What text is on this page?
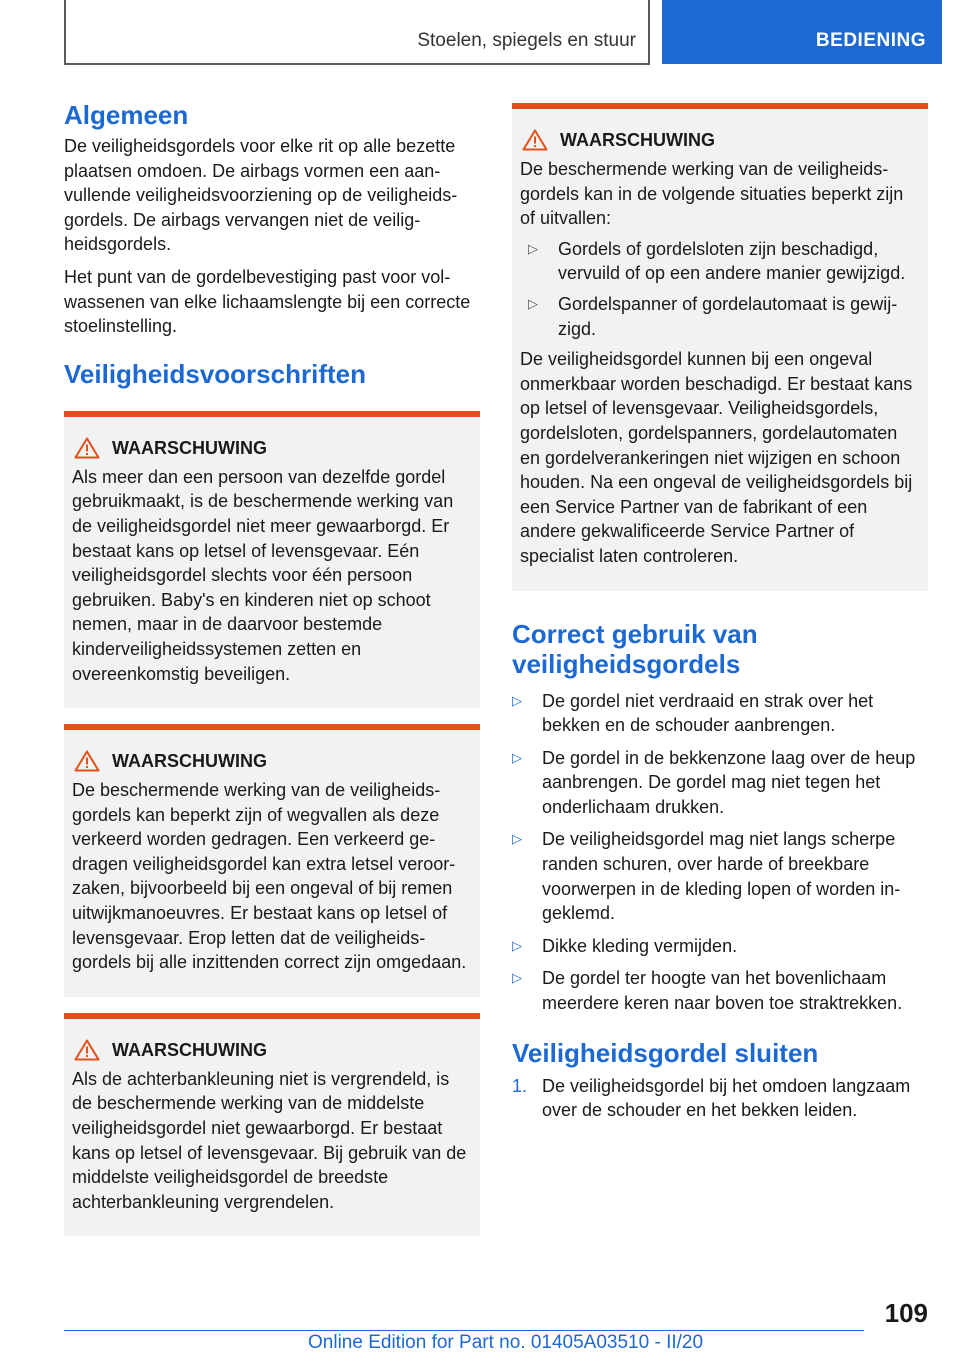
Stoelen, spiegels en stuur	BEDIENING
Algemeen
De veiligheidsgordels voor elke rit op alle bezette plaatsen omdoen. De airbags vormen een aanvullende veiligheidsvoorziening op de veiligheidsgordels. De airbags vervangen niet de veiligheidsgordels.
Het punt van de gordelbevestiging past voor volwassenen van elke lichaamslengte bij een correcte stoelinstelling.
Veiligheidsvoorschriften
WAARSCHUWING
Als meer dan een persoon van dezelfde gordel gebruikmaakt, is de beschermende werking van de veiligheidsgordel niet meer gewaarborgd. Er bestaat kans op letsel of levensgevaar. Eén veiligheidsgordel slechts voor één persoon gebruiken. Baby's en kinderen niet op schoot nemen, maar in de daarvoor bestemde kinderveiligheidssystemen zetten en overeenkomstig beveiligen.
WAARSCHUWING
De beschermende werking van de veiligheidsgordels kan beperkt zijn of wegvallen als deze verkeerd worden gedragen. Een verkeerd gedragen veiligheidsgordel kan extra letsel veroorzaken, bijvoorbeeld bij een ongeval of bij remen uitwijkmanoeuvres. Er bestaat kans op letsel of levensgevaar. Erop letten dat de veiligheidsgordels bij alle inzittenden correct zijn omgedaan.
WAARSCHUWING
Als de achterbankleuning niet is vergrendeld, is de beschermende werking van de middelste veiligheidsgordel niet gewaarborgd. Er bestaat kans op letsel of levensgevaar. Bij gebruik van de middelste veiligheidsgordel de breedste achterbankleuning vergrendelen.
WAARSCHUWING
De beschermende werking van de veiligheidsgordels kan in de volgende situaties beperkt zijn of uitvallen:
▷	Gordels of gordelsloten zijn beschadigd, vervuild of op een andere manier gewijzigd.
▷	Gordelspanner of gordelautomaat is gewijzigd.
De veiligheidsgordel kunnen bij een ongeval onmerkbaar worden beschadigd. Er bestaat kans op letsel of levensgevaar. Veiligheidsgordels, gordelsloten, gordelspanners, gordelautomaten en gordelverankeringen niet wijzigen en schoon houden. Na een ongeval de veiligheidsgordels bij een Service Partner van de fabrikant of een andere gekwalificeerde Service Partner of specialist laten controleren.
Correct gebruik van veiligheidsgordels
▷	De gordel niet verdraaid en strak over het bekken en de schouder aanbrengen.
▷	De gordel in de bekkenzone laag over de heup aanbrengen. De gordel mag niet tegen het onderlichaam drukken.
▷	De veiligheidsgordel mag niet langs scherpe randen schuren, over harde of breekbare voorwerpen in de kleding lopen of worden ingeklemd.
▷	Dikke kleding vermijden.
▷	De gordel ter hoogte van het bovenlichaam meerdere keren naar boven toe straktrekken.
Veiligheidsgordel sluiten
1. De veiligheidsgordel bij het omdoen langzaam over de schouder en het bekken leiden.
109
Online Edition for Part no. 01405A03510 - II/20
